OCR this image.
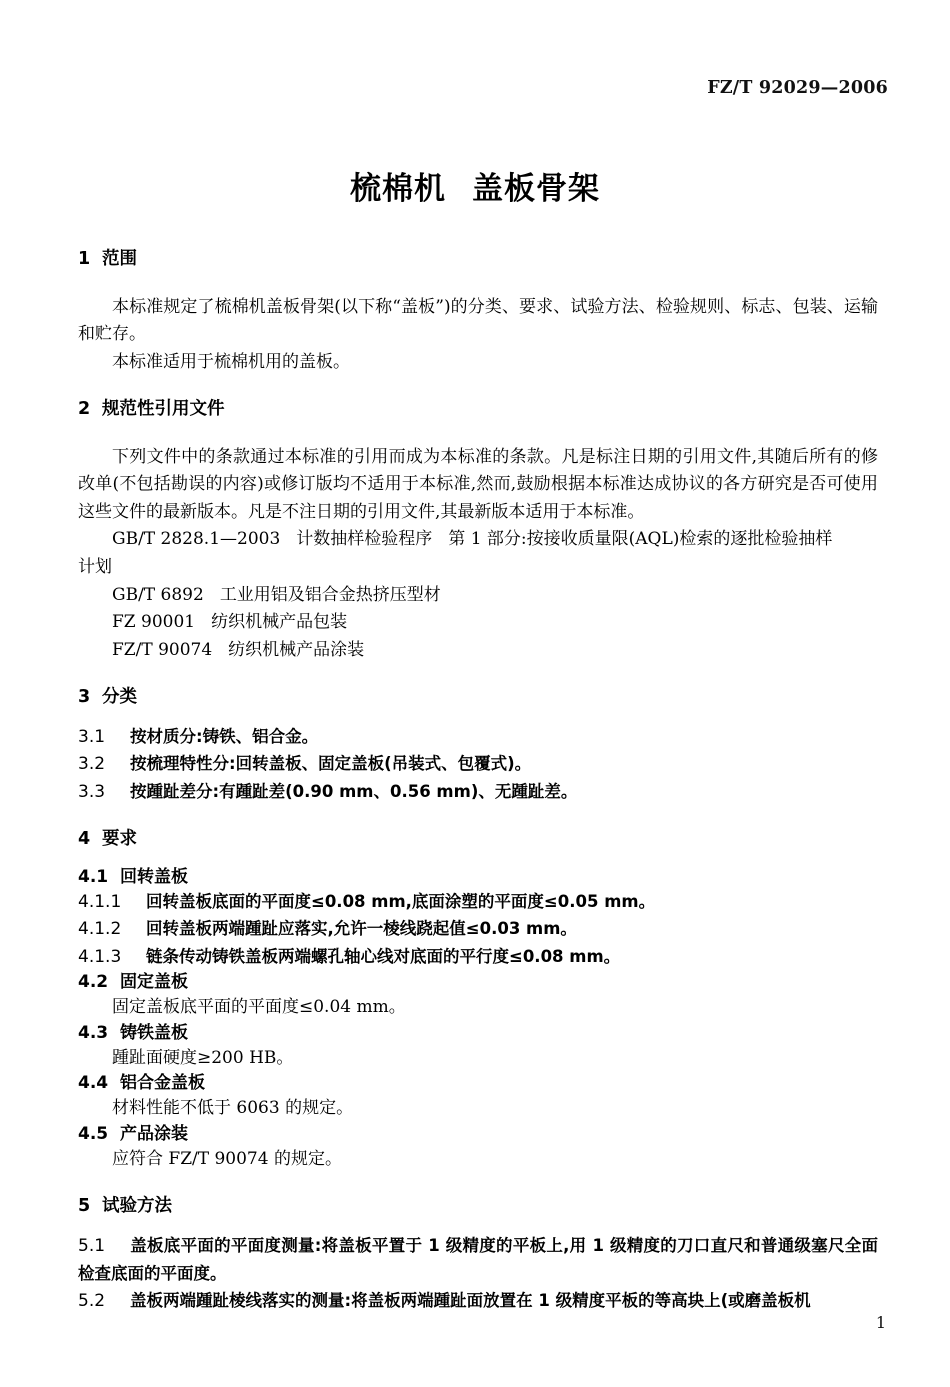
FZ/T 92029—2006
梳棉机 盖板骨架
1 范围

本标准规定了梳棉机盖板骨架(以下称“盖板”)的分类、要求、试验方法、检验规则、标志、包装、运输和贮存。

本标准适用于梳棉机用的盖板。

2 规范性引用文件

下列文件中的条款通过本标准的引用而成为本标准的条款。凡是标注日期的引用文件,其随后所有的修改单(不包括勘误的内容)或修订版均不适用于本标准,然而,鼓励根据本标准达成协议的各方研究是否可使用这些文件的最新版本。凡是不注日期的引用文件,其最新版本适用于本标准。

GB/T 2828.1—2003 计数抽样检验程序 第 1 部分:按接收质量限(AQL)检索的逐批检验抽样
计划
GB/T 6892 工业用铝及铝合金热挤压型材
FZ 90001 纺织机械产品包装
FZ/T 90074 纺织机械产品涂装
3 分类
3.1 按材质分:铸铁、铝合金。
3.2 按梳理特性分:回转盖板、固定盖板(吊装式、包覆式)。
3.3 按踵趾差分:有踵趾差(0.90 mm、0.56 mm)、无踵趾差。
4 要求
4.1 回转盖板
4.1.1 回转盖板底面的平面度≤0.08 mm,底面涂塑的平面度≤0.05 mm。
4.1.2 回转盖板两端踵趾应落实,允许一棱线跷起值≤0.03 mm。
4.1.3 链条传动铸铁盖板两端螺孔轴心线对底面的平行度≤0.08 mm。
4.2 固定盖板
固定盖板底平面的平面度≤0.04 mm。
4.3 铸铁盖板
踵趾面硬度≥200 HB。
4.4 铝合金盖板
材料性能不低于 6063 的规定。
4.5 产品涂装
应符合 FZ/T 90074 的规定。
5 试验方法
5.1 盖板底平面的平面度测量:将盖板平置于 1 级精度的平板上,用 1 级精度的刀口直尺和普通级塞尺全面检查底面的平面度。
5.2 盖板两端踵趾棱线落实的测量:将盖板两端踵趾面放置在 1 级精度平板的等高块上(或磨盖板机
1
